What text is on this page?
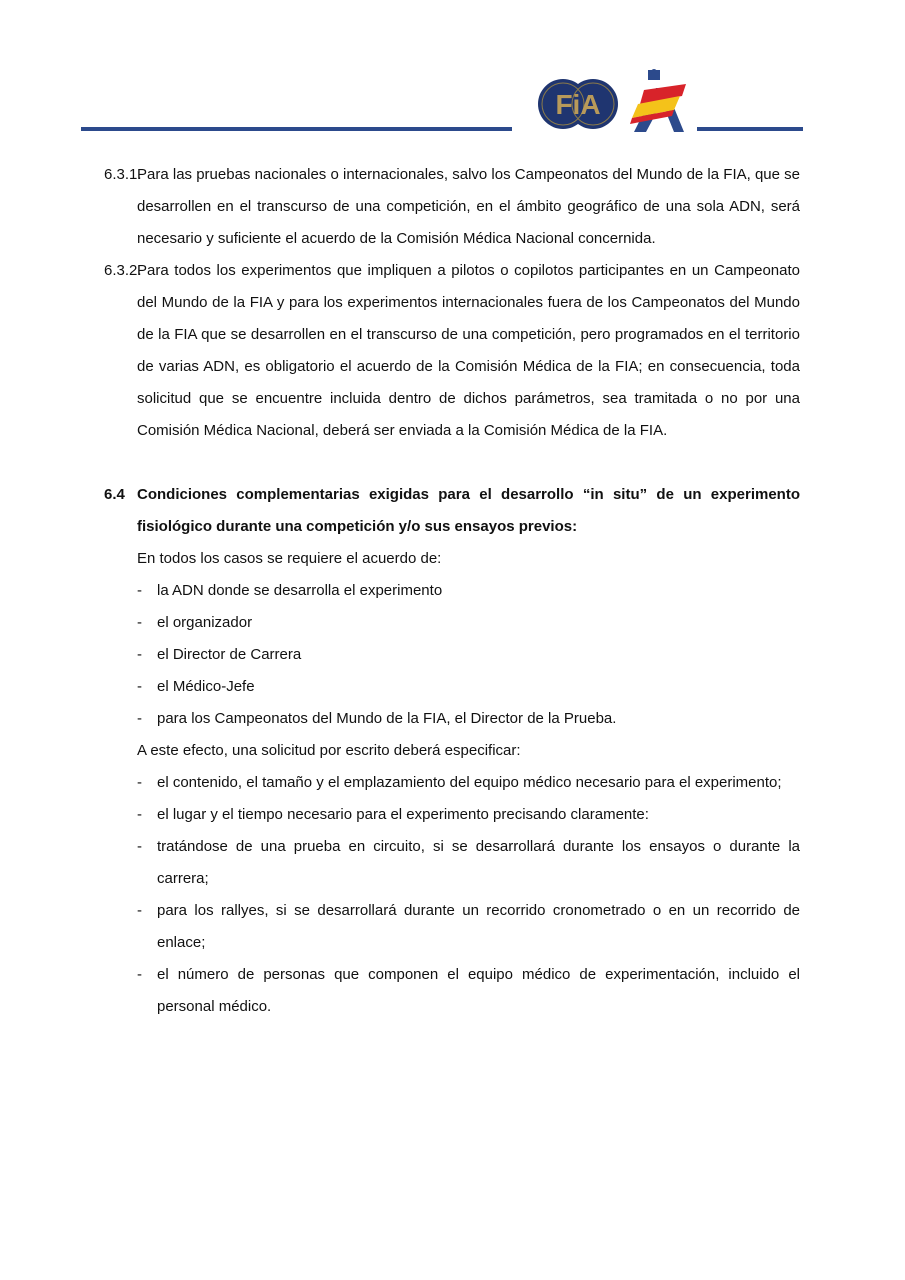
FiA
6.3.1.
Para las pruebas nacionales o internacionales, salvo los Campeonatos del Mundo de la FIA, que se desarrollen en el transcurso de una competición, en el ámbito geográfico de una sola ADN, será necesario y suficiente el acuerdo de la Comisión Médica Nacional concernida.
6.3.2.
Para todos los experimentos que impliquen a pilotos o copilotos participantes en un Campeonato del Mundo de la FIA y para los experimentos internacionales fuera de los Campeonatos del Mundo de la FIA que se desarrollen en el transcurso de una competición, pero programados en el territorio de varias ADN, es obligatorio el acuerdo de la Comisión Médica de la FIA; en consecuencia, toda solicitud que se encuentre incluida dentro de dichos parámetros, sea tramitada o no por una Comisión Médica Nacional, deberá ser enviada a la Comisión Médica de la FIA.
6.4 Condiciones complementarias exigidas para el desarrollo “in situ” de un experimento fisiológico durante una competición y/o sus ensayos previos:
En todos los casos se requiere el acuerdo de:
- la ADN donde se desarrolla el experimento
- el organizador
- el Director de Carrera
- el Médico-Jefe
- para los Campeonatos del Mundo de la FIA, el Director de la Prueba.
A este efecto, una solicitud por escrito deberá especificar:
- el contenido, el tamaño y el emplazamiento del equipo médico necesario para el experimento;
- el lugar y el tiempo necesario para el experimento precisando claramente:
- tratándose de una prueba en circuito, si se desarrollará durante los ensayos o durante la carrera;
- para los rallyes, si se desarrollará durante un recorrido cronometrado o en un recorrido de enlace;
- el número de personas que componen el equipo médico de experimentación, incluido el personal médico.
